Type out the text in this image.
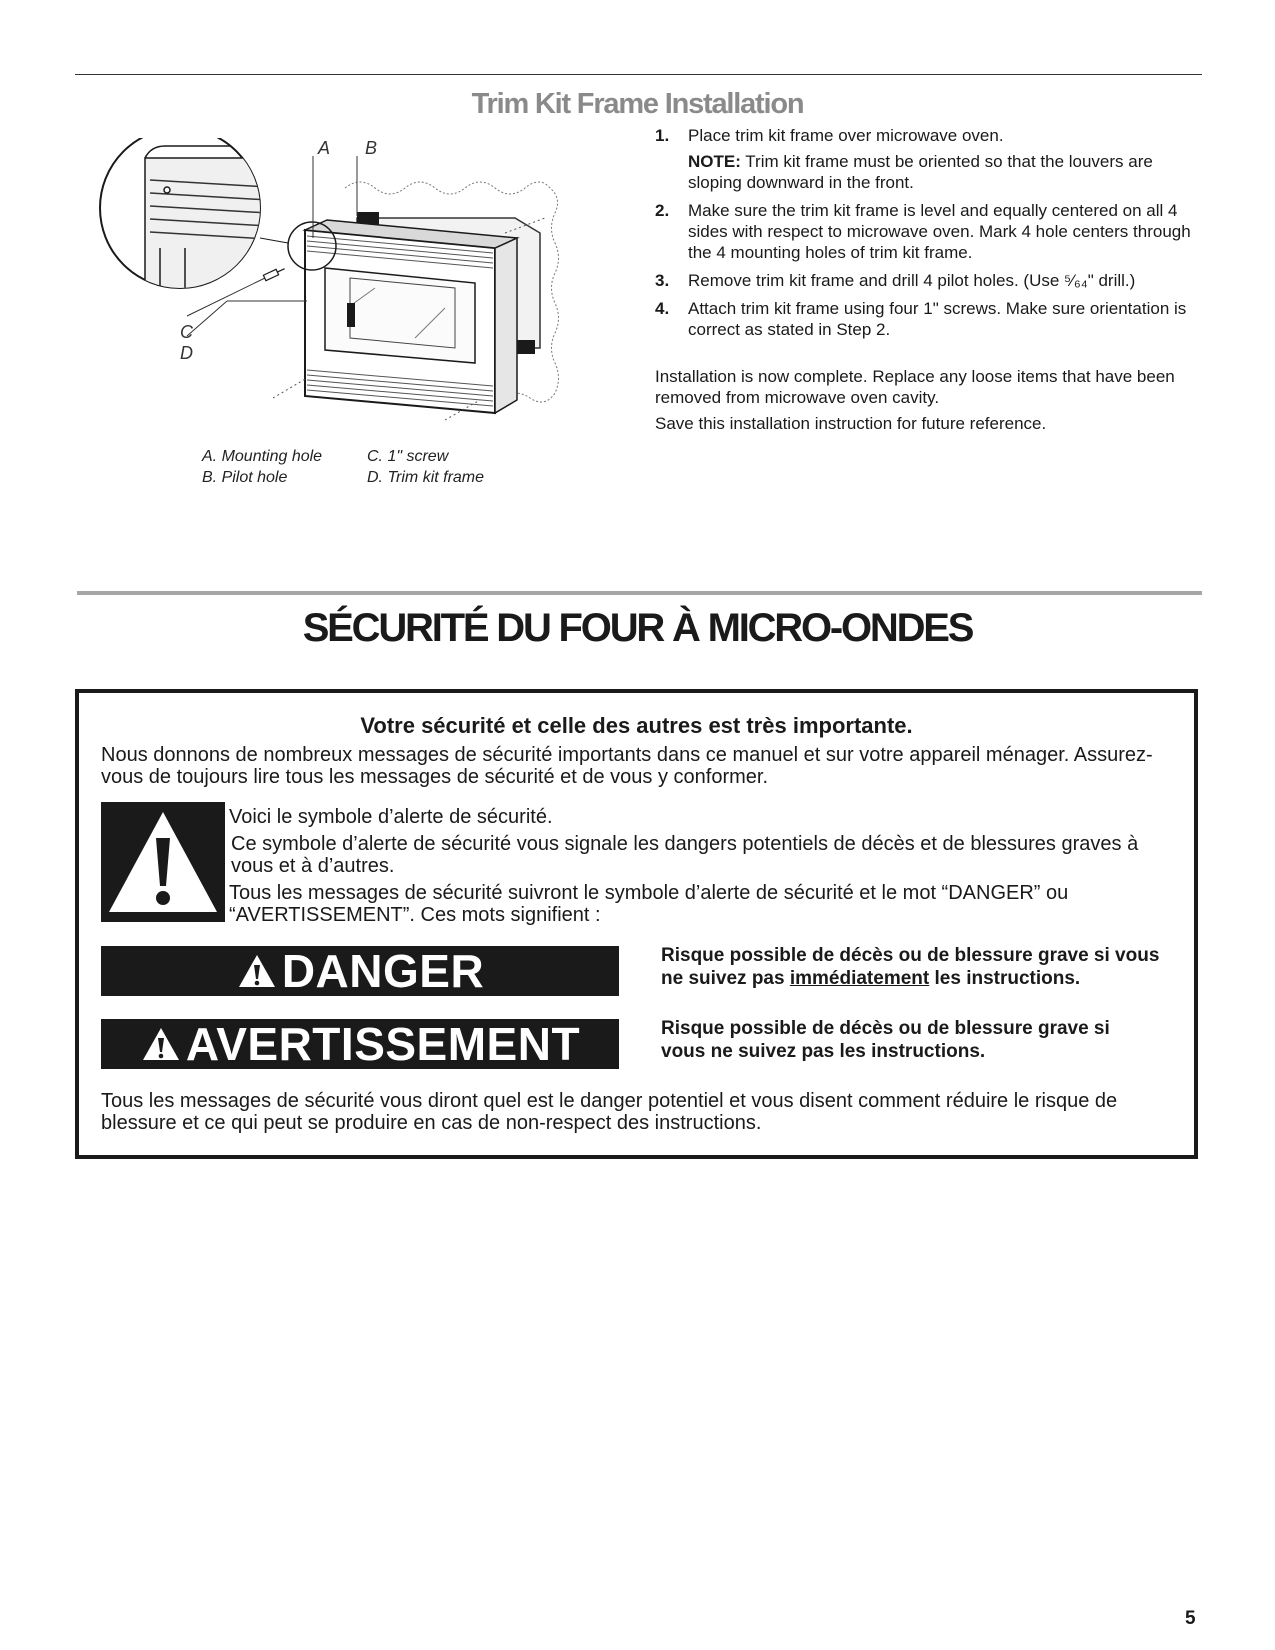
Trim Kit Frame Installation
A B
C
D
A. Mounting hole
B. Pilot hole
C. 1" screw
D. Trim kit frame
1. Place trim kit frame over microwave oven.
NOTE: Trim kit frame must be oriented so that the louvers are sloping downward in the front.
2. Make sure the trim kit frame is level and equally centered on all 4 sides with respect to microwave oven. Mark 4 hole centers through the 4 mounting holes of trim kit frame.
3. Remove trim kit frame and drill 4 pilot holes. (Use ⁵⁄₆₄" drill.)
4. Attach trim kit frame using four 1" screws. Make sure orientation is correct as stated in Step 2.

Installation is now complete. Replace any loose items that have been removed from microwave oven cavity.

Save this installation instruction for future reference.

SÉCURITÉ DU FOUR À MICRO-ONDES
Votre sécurité et celle des autres est très importante.
Nous donnons de nombreux messages de sécurité importants dans ce manuel et sur votre appareil ménager. Assurez-vous de toujours lire tous les messages de sécurité et de vous y conformer.
Voici le symbole d’alerte de sécurité.
Ce symbole d’alerte de sécurité vous signale les dangers potentiels de décès et de blessures graves à vous et à d’autres.
Tous les messages de sécurité suivront le symbole d’alerte de sécurité et le mot “DANGER” ou “AVERTISSEMENT”. Ces mots signifient :
DANGER	Risque possible de décès ou de blessure grave si vous ne suivez pas immédiatement les instructions.
AVERTISSEMENT	Risque possible de décès ou de blessure grave si vous ne suivez pas les instructions.
Tous les messages de sécurité vous diront quel est le danger potentiel et vous disent comment réduire le risque de blessure et ce qui peut se produire en cas de non-respect des instructions.
5
